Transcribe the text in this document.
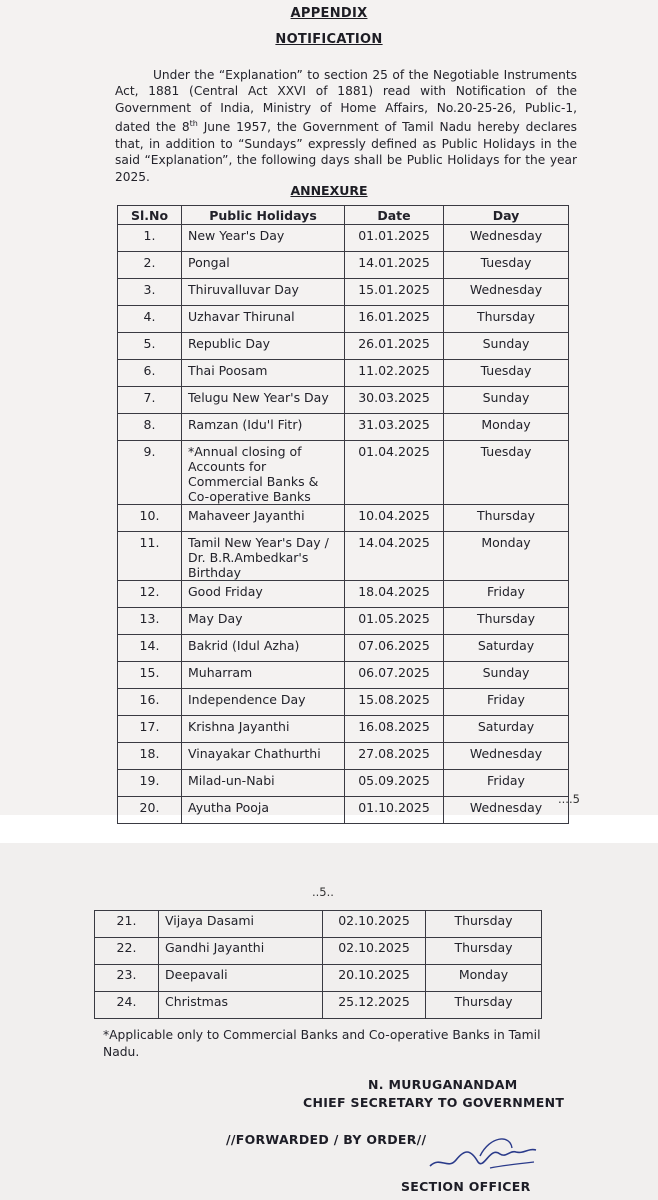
APPENDIX
NOTIFICATION
Under the “Explanation” to section 25 of the Negotiable Instruments Act, 1881 (Central Act XXVI of 1881) read with Notification of the Government of India, Ministry of Home Affairs, No.20-25-26, Public-1, dated the 8th June 1957, the Government of Tamil Nadu hereby declares that, in addition to “Sundays” expressly defined as Public Holidays in the said “Explanation”, the following days shall be Public Holidays for the year 2025.
ANNEXURE
Sl.No	Public Holidays	Date	Day
1.	New Year's Day	01.01.2025	Wednesday
2.	Pongal	14.01.2025	Tuesday
3.	Thiruvalluvar Day	15.01.2025	Wednesday
4.	Uzhavar Thirunal	16.01.2025	Thursday
5.	Republic Day	26.01.2025	Sunday
6.	Thai Poosam	11.02.2025	Tuesday
7.	Telugu New Year's Day	30.03.2025	Sunday
8.	Ramzan (Idu'l Fitr)	31.03.2025	Monday
9.	*Annual closing of Accounts for Commercial Banks & Co-operative Banks	01.04.2025	Tuesday
10.	Mahaveer Jayanthi	10.04.2025	Thursday
11.	Tamil New Year's Day / Dr. B.R.Ambedkar's Birthday	14.04.2025	Monday
12.	Good Friday	18.04.2025	Friday
13.	May Day	01.05.2025	Thursday
14.	Bakrid (Idul Azha)	07.06.2025	Saturday
15.	Muharram	06.07.2025	Sunday
16.	Independence Day	15.08.2025	Friday
17.	Krishna Jayanthi	16.08.2025	Saturday
18.	Vinayakar Chathurthi	27.08.2025	Wednesday
19.	Milad-un-Nabi	05.09.2025	Friday
20.	Ayutha Pooja	01.10.2025	Wednesday
....5
..5..
21.	Vijaya Dasami	02.10.2025	Thursday
22.	Gandhi Jayanthi	02.10.2025	Thursday
23.	Deepavali	20.10.2025	Monday
24.	Christmas	25.12.2025	Thursday
*Applicable only to Commercial Banks and Co-operative Banks in Tamil Nadu.
N. MURUGANANDAM
CHIEF SECRETARY TO GOVERNMENT
//FORWARDED / BY ORDER//
SECTION OFFICER
